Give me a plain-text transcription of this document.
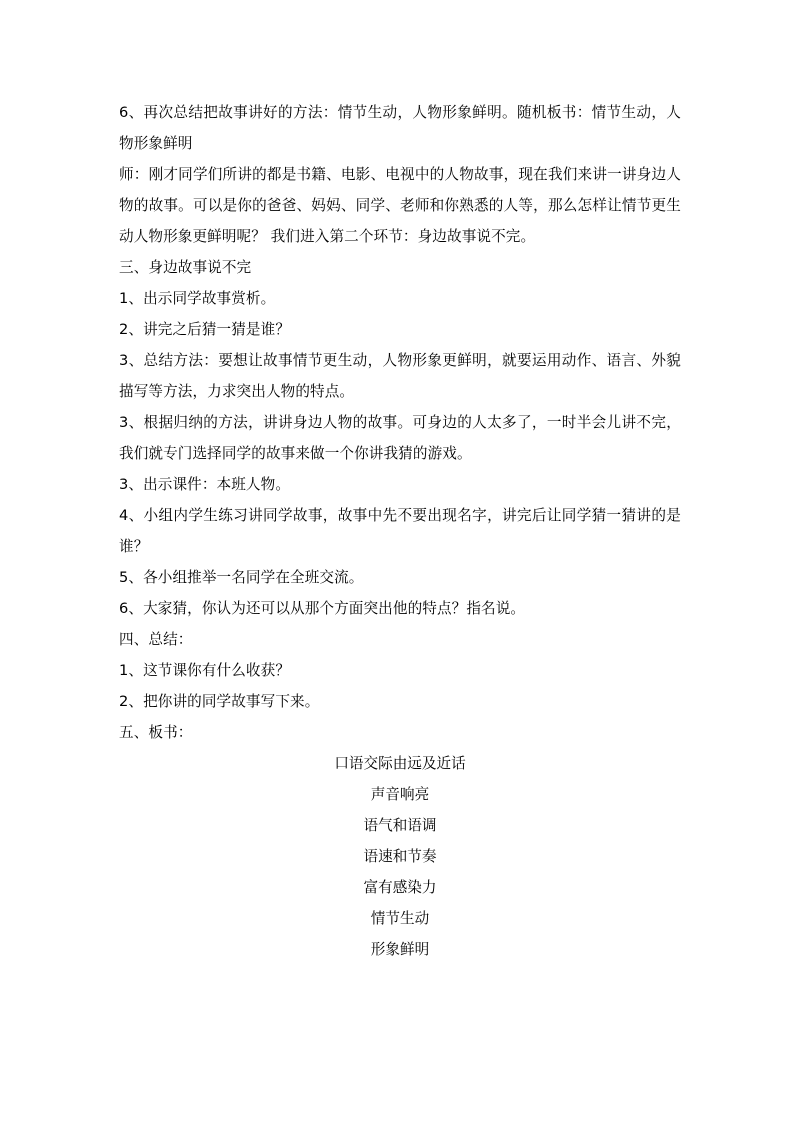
6、再次总结把故事讲好的方法：情节生动，人物形象鲜明。随机板书：情节生动，人物形象鲜明

师：刚才同学们所讲的都是书籍、电影、电视中的人物故事，现在我们来讲一讲身边人物的故事。可以是你的爸爸、妈妈、同学、老师和你熟悉的人等，那么怎样让情节更生动人物形象更鲜明呢？ 我们进入第二个环节：身边故事说不完。

三、身边故事说不完

1、出示同学故事赏析。

2、讲完之后猜一猜是谁？

3、总结方法：要想让故事情节更生动，人物形象更鲜明，就要运用动作、语言、外貌描写等方法，力求突出人物的特点。

3、根据归纳的方法，讲讲身边人物的故事。可身边的人太多了，一时半会儿讲不完，我们就专门选择同学的故事来做一个你讲我猜的游戏。

3、出示课件：本班人物。

4、小组内学生练习讲同学故事，故事中先不要出现名字，讲完后让同学猜一猜讲的是谁？

5、各小组推举一名同学在全班交流。

6、大家猜，你认为还可以从那个方面突出他的特点？指名说。

四、总结：

1、这节课你有什么收获？

2、把你讲的同学故事写下来。

五、板书：

口语交际由远及近话

声音响亮

语气和语调

语速和节奏

富有感染力

情节生动

形象鲜明
